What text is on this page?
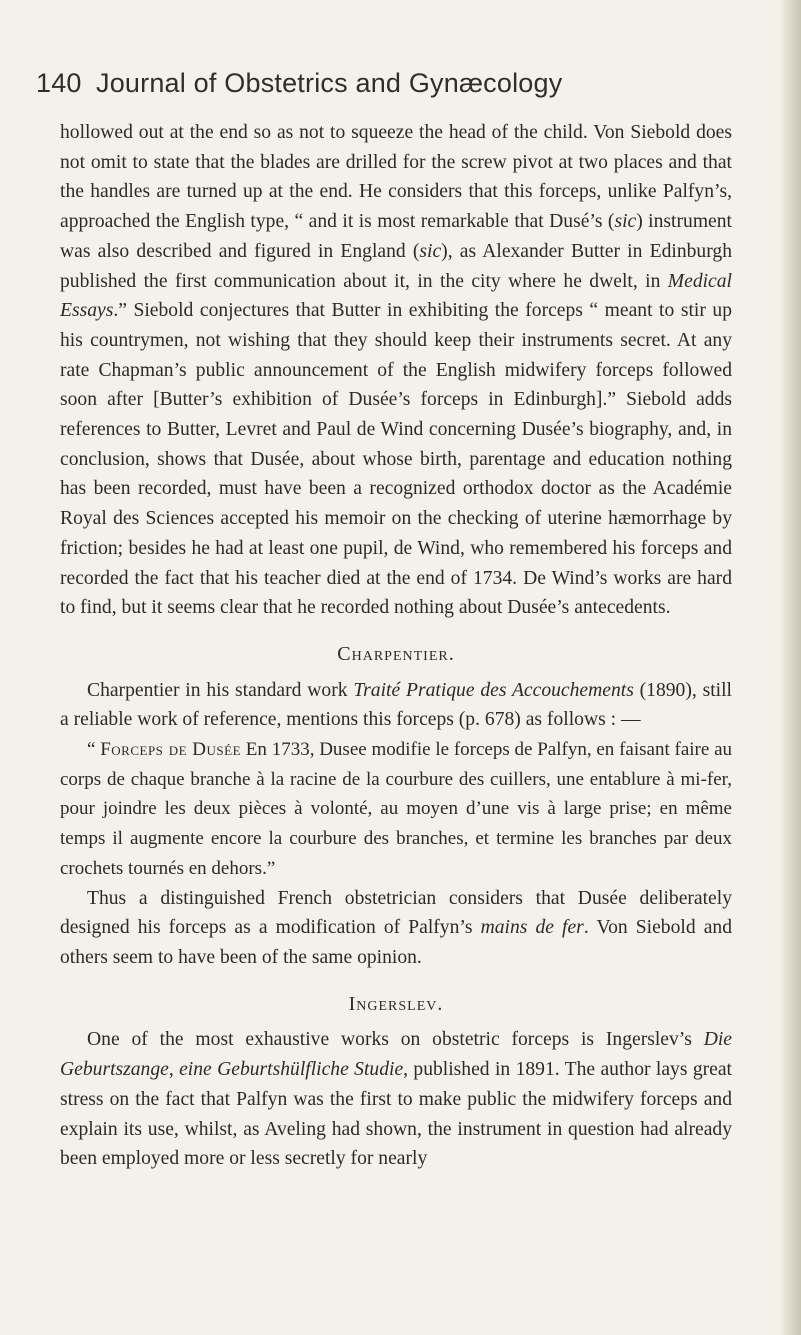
140 Journal of Obstetrics and Gynæcology

hollowed out at the end so as not to squeeze the head of the child. Von Siebold does not omit to state that the blades are drilled for the screw pivot at two places and that the handles are turned up at the end. He considers that this forceps, unlike Palfyn’s, approached the English type, “ and it is most remarkable that Dusé’s (sic) instrument was also described and figured in England (sic), as Alexander Butter in Edinburgh published the first communication about it, in the city where he dwelt, in Medical Essays.” Siebold conjectures that Butter in exhibiting the forceps “ meant to stir up his countrymen, not wishing that they should keep their instruments secret. At any rate Chapman’s public announcement of the English midwifery forceps followed soon after [Butter’s exhibition of Dusée’s forceps in Edinburgh].” Siebold adds references to Butter, Levret and Paul de Wind concerning Dusée’s biography, and, in conclusion, shows that Dusée, about whose birth, parentage and education nothing has been recorded, must have been a recognized orthodox doctor as the Académie Royal des Sciences accepted his memoir on the checking of uterine hæmorrhage by friction; besides he had at least one pupil, de Wind, who remembered his forceps and recorded the fact that his teacher died at the end of 1734. De Wind’s works are hard to find, but it seems clear that he recorded nothing about Dusée’s antecedents.

Charpentier.

Charpentier in his standard work Traité Pratique des Accouchements (1890), still a reliable work of reference, mentions this forceps (p. 678) as follows : —

“ Forceps de Dusée En 1733, Dusee modifie le forceps de Palfyn, en faisant faire au corps de chaque branche à la racine de la courbure des cuillers, une entablure à mi-fer, pour joindre les deux pièces à volonté, au moyen d’une vis à large prise; en même temps il augmente encore la courbure des branches, et termine les branches par deux crochets tournés en dehors.”

Thus a distinguished French obstetrician considers that Dusée deliberately designed his forceps as a modification of Palfyn’s mains de fer. Von Siebold and others seem to have been of the same opinion.

Ingerslev.

One of the most exhaustive works on obstetric forceps is Ingerslev’s Die Geburtszange, eine Geburtshülfliche Studie, published in 1891. The author lays great stress on the fact that Palfyn was the first to make public the midwifery forceps and explain its use, whilst, as Aveling had shown, the instrument in question had already been employed more or less secretly for nearly
